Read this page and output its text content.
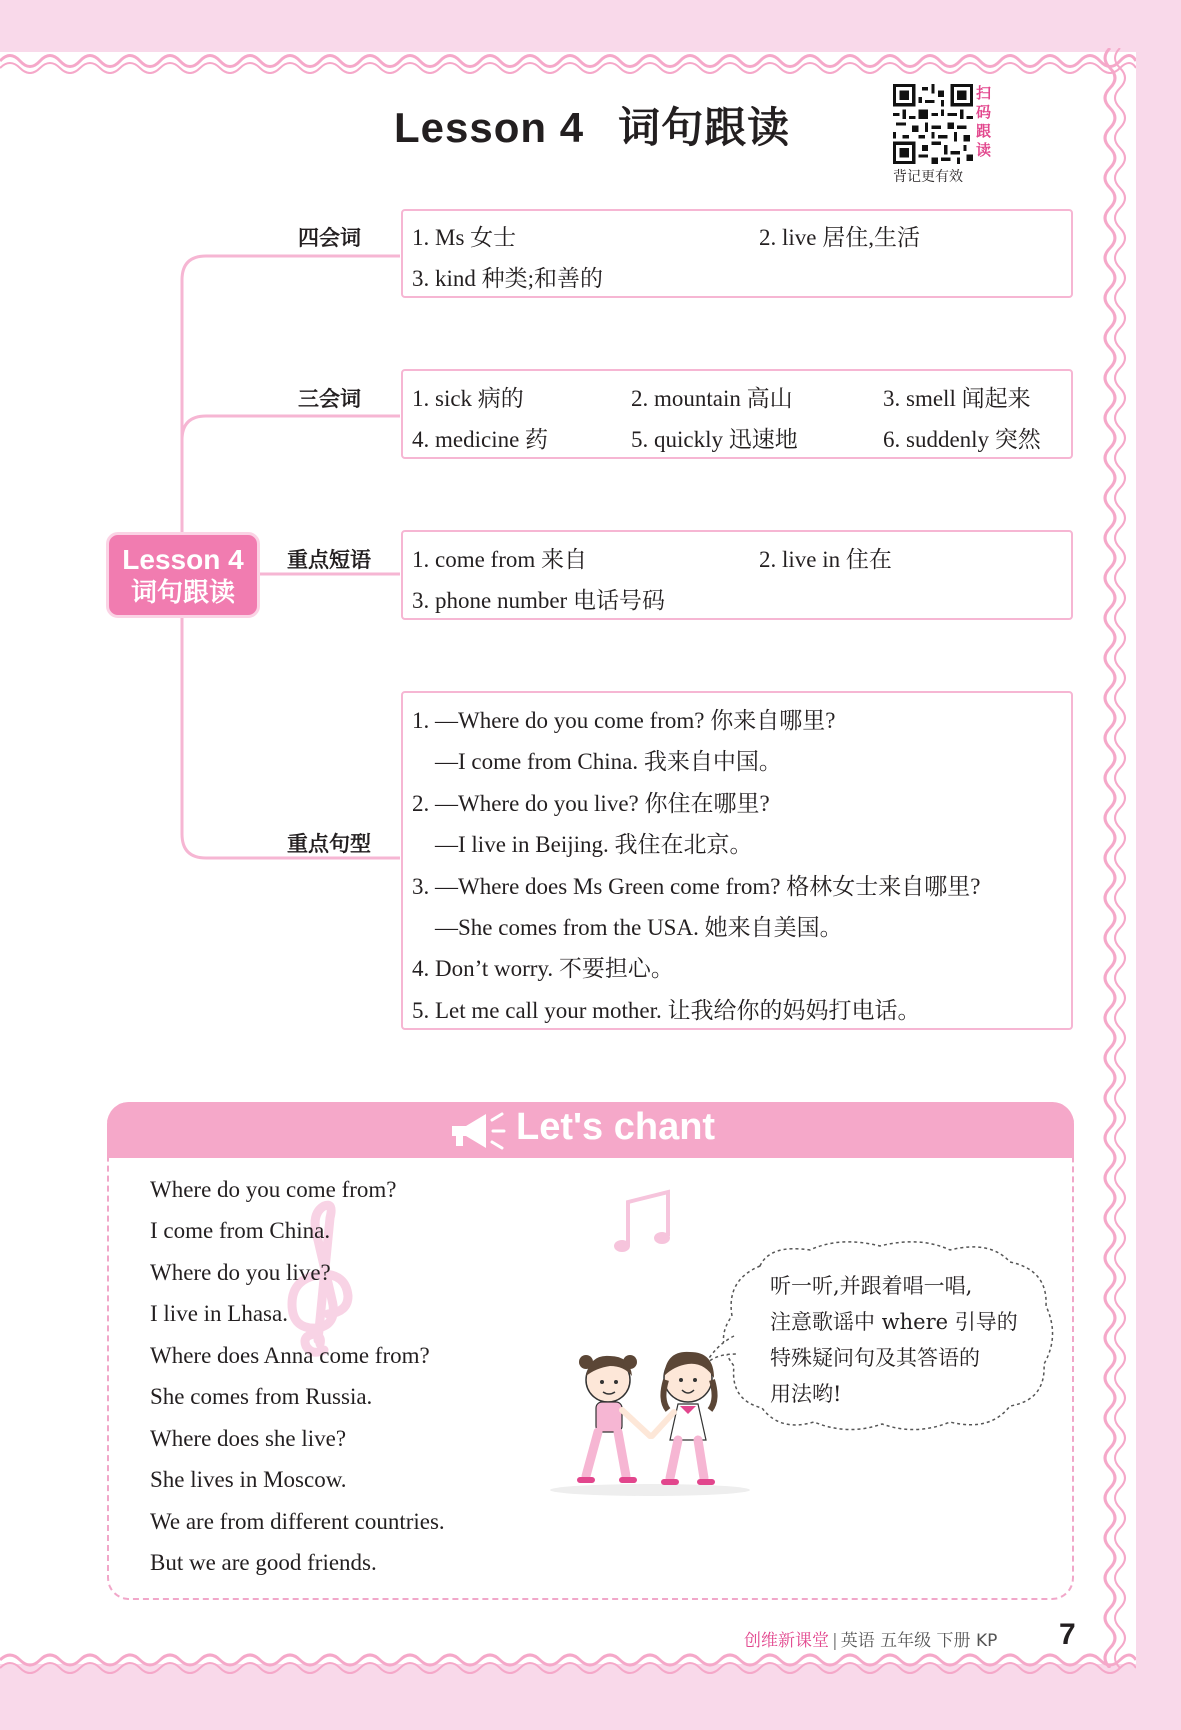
Lesson 4 词句跟读
扫
码
跟
读
背记更有效
Lesson 4
词句跟读
四会词 1. Ms 女士	2. live 居住,生活
3. kind 种类;和善的
三会词 1. sick 病的	2. mountain 高山	3. smell 闻起来
4. medicine 药	5. quickly 迅速地	6. suddenly 突然
重点短语 1. come from 来自	2. live in 住在
3. phone number 电话号码
重点句型
1. —Where do you come from? 你来自哪里?
—I come from China. 我来自中国。
2. —Where do you live? 你住在哪里?
—I live in Beijing. 我住在北京。
3. —Where does Ms Green come from? 格林女士来自哪里?
—She comes from the USA. 她来自美国。
4. Don’t worry. 不要担心。
5. Let me call your mother. 让我给你的妈妈打电话。
Let's chant
Where do you come from?
I come from China.
Where do you live?
I live in Lhasa.
Where does Anna come from?
She comes from Russia.
Where does she live?
She lives in Moscow.
We are from different countries.
But we are good friends.
听一听,并跟着唱一唱,
注意歌谣中 where 引导的
特殊疑问句及其答语的
用法哟!
创维新课堂 | 英语 五年级 下册 KP 7
